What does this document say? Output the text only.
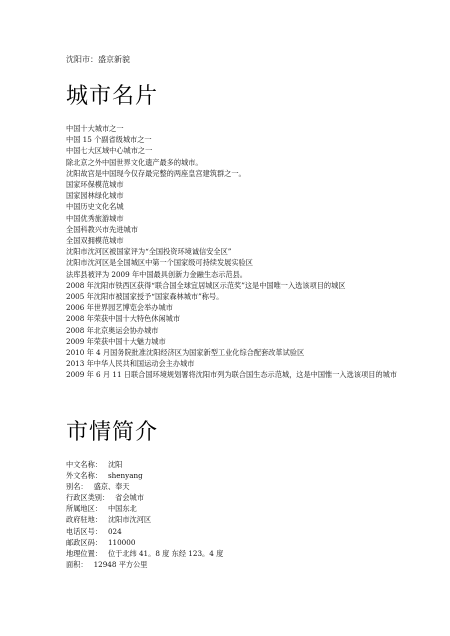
沈阳市：盛京新貌
城市名片
中国十大城市之一
中国 15 个副省级城市之一
中国七大区域中心城市之一
除北京之外中国世界文化遗产最多的城市。
沈阳故宫是中国现今仅存最完整的两座皇宫建筑群之一。
国家环保模范城市
国家园林绿化城市
中国历史文化名城
中国优秀旅游城市
全国科教兴市先进城市
全国双拥模范城市
沈阳市沈河区被国家评为“全国投资环境诚信安全区”
沈阳市沈河区是全国城区中第一个国家级可持续发展实验区
法库县被评为 2009 年中国最具创新力金融生态示范县。
2008 年沈阳市铁西区获得“联合国全球宜居城区示范奖”这是中国唯一入选该项目的城区
2005 年沈阳市被国家授予“国家森林城市”称号。
2006 年世界园艺博览会举办城市
2008 年荣获中国十大特色休闲城市
2008 年北京奥运会协办城市
2009 年荣获中国十大魅力城市
2010 年 4 月国务院批准沈阳经济区为国家新型工业化综合配套改革试验区
2013 年中华人民共和国运动会主办城市
2009 年 6 月 11 日联合国环境规划署将沈阳市列为联合国生态示范城，这是中国惟一入选该项目的城市
市情简介
中文名称： 沈阳
外文名称： shenyang
别名： 盛京、奉天
行政区类别： 省会城市
所属地区： 中国东北
政府驻地： 沈阳市沈河区
电话区号： 024
邮政区码： 110000
地理位置： 位于北纬 41。8 度 东经 123。4 度
面积： 12948 平方公里
